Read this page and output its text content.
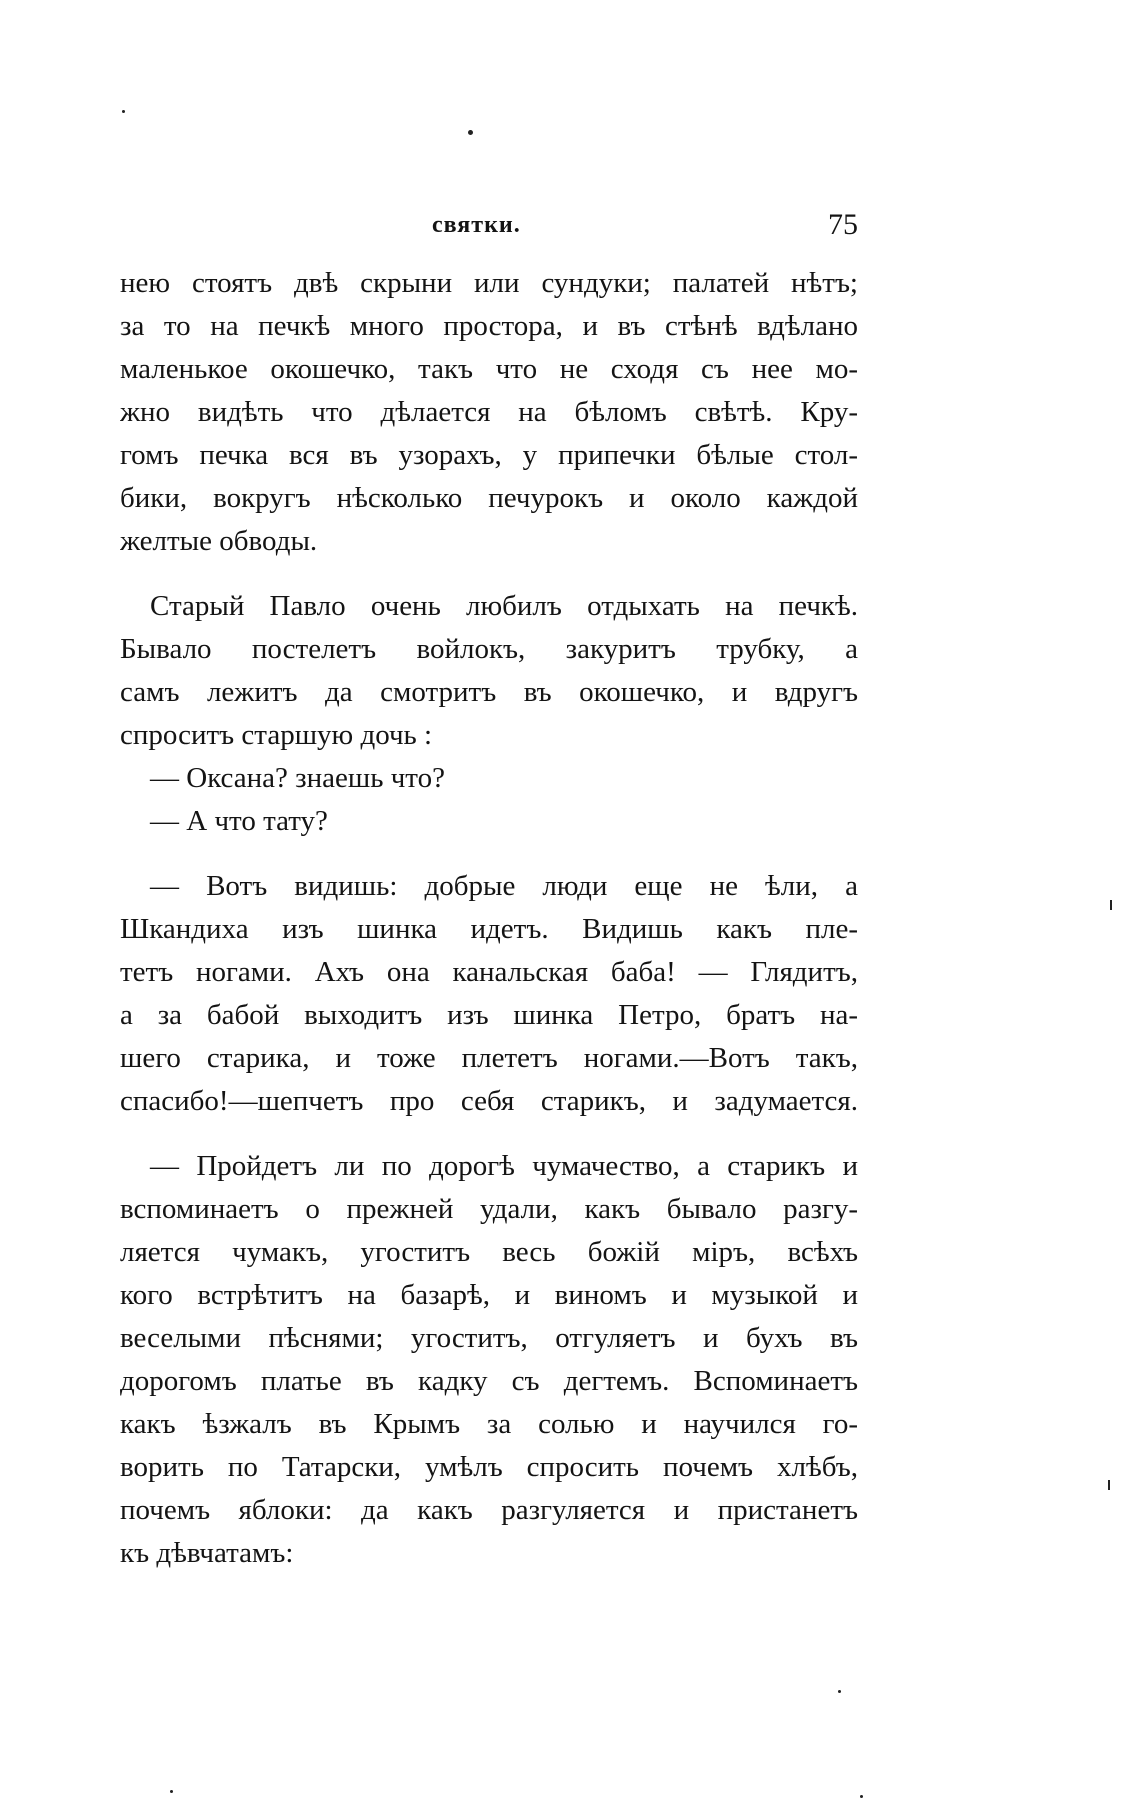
святки.	75
нею стоятъ двѣ скрыни или сундуки; палатей нѣтъ;
за то на печкѣ много простора, и въ стѣнѣ вдѣлано
маленькое окошечко, такъ что не сходя съ нее мо-
жно видѣть что дѣлается на бѣломъ свѣтѣ. Кру-
гомъ печка вся въ узорахъ, у припечки бѣлые стол-
бики, вокругъ нѣсколько печурокъ и около каждой
желтые обводы.
Старый Павло очень любилъ отдыхать на печкѣ.
Бывало постелетъ войлокъ, закуритъ трубку, а
самъ лежитъ да смотритъ въ окошечко, и вдругъ
спроситъ старшую дочь :
— Оксана? знаешь что?
— А что тату?
— Вотъ видишь: добрые люди еще не ѣли, а
Шкандиха изъ шинка идетъ. Видишь какъ пле-
тетъ ногами. Ахъ она канальская баба! — Глядитъ,
а за бабой выходитъ изъ шинка Петро, братъ на-
шего старика, и тоже плететъ ногами.—Вотъ такъ,
спасибо!—шепчетъ про себя старикъ, и задумается.
— Пройдетъ ли по дорогѣ чумачество, а старикъ и
вспоминаетъ о прежней удали, какъ бывало разгу-
ляется чумакъ, угоститъ весь божій міръ, всѣхъ
кого встрѣтитъ на базарѣ, и виномъ и музыкой и
веселыми пѣснями; угоститъ, отгуляетъ и бухъ въ
дорогомъ платье въ кадку съ дегтемъ. Вспоминаетъ
какъ ѣзжалъ въ Крымъ за солью и научился го-
ворить по Татарски, умѣлъ спросить почемъ хлѣбъ,
почемъ яблоки: да какъ разгуляется и пристанетъ
къ дѣвчатамъ:
